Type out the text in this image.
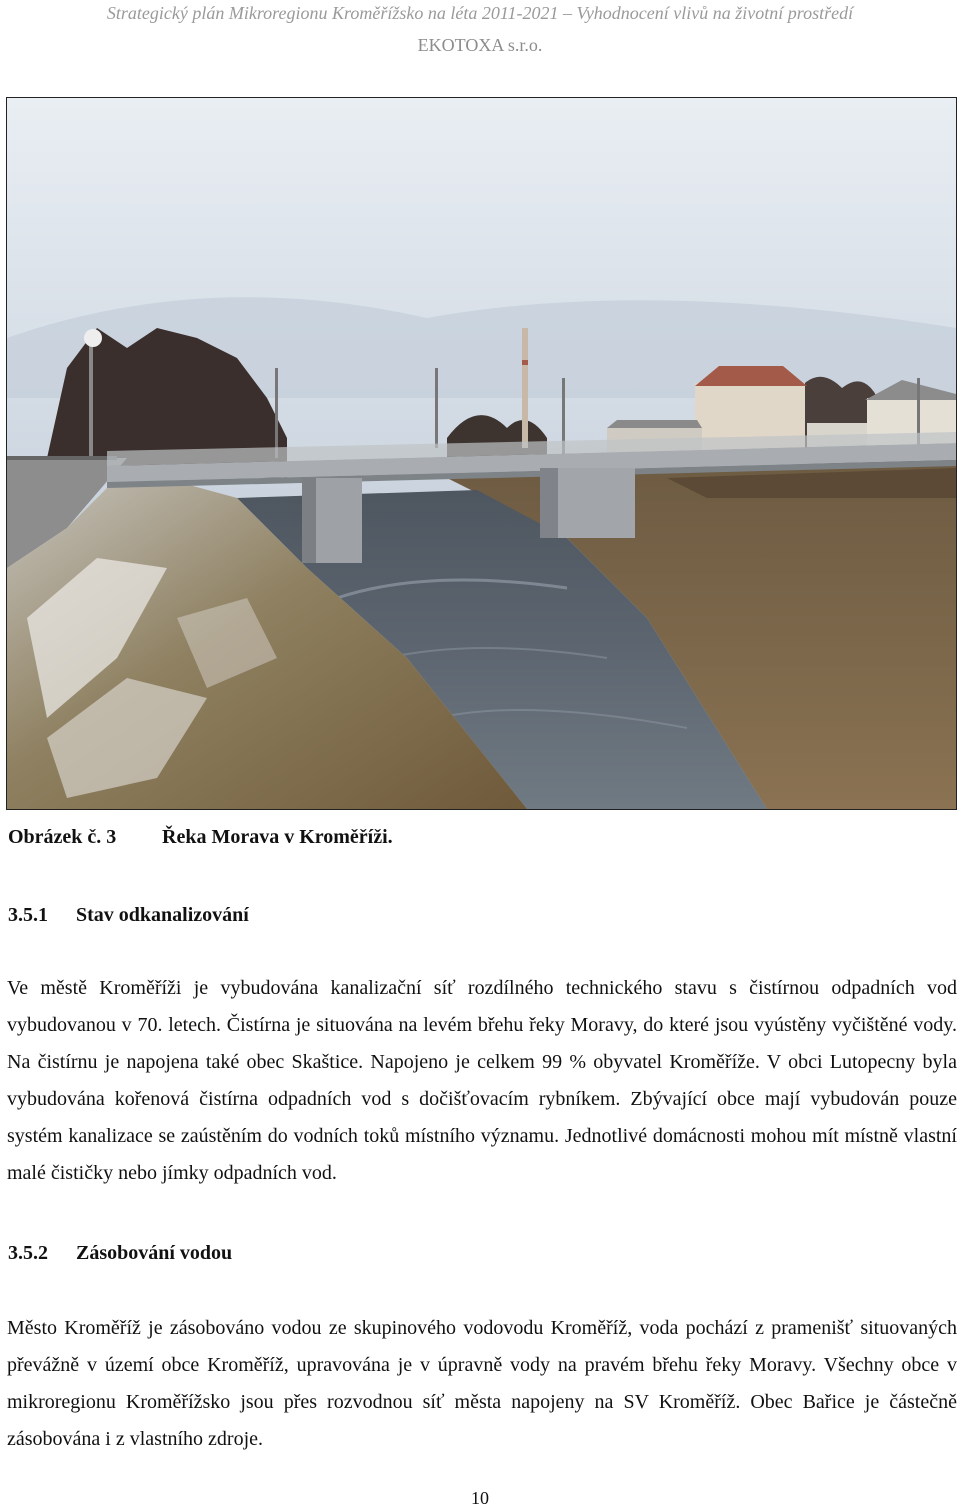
Strategický plán Mikroregionu Kroměřížsko na léta 2011-2021 – Vyhodnocení vlivů na životní prostředí
EKOTOXA s.r.o.
Obrázek č. 3 Řeka Morava v Kroměříži.
3.5.1 Stav odkanalizování

Ve městě Kroměříži je vybudována kanalizační síť rozdílného technického stavu s čistírnou odpadních vod vybudovanou v 70. letech. Čistírna je situována na levém břehu řeky Moravy, do které jsou vyústěny vyčištěné vody. Na čistírnu je napojena také obec Skaštice. Napojeno je celkem 99 % obyvatel Kroměříže. V obci Lutopecny byla vybudována kořenová čistírna odpadních vod s dočišťovacím rybníkem. Zbývající obce mají vybudován pouze systém kanalizace se zaústěním do vodních toků místního významu. Jednotlivé domácnosti mohou mít místně vlastní malé čističky nebo jímky odpadních vod.

3.5.2 Zásobování vodou

Město Kroměříž je zásobováno vodou ze skupinového vodovodu Kroměříž, voda pochází z pramenišť situovaných převážně v území obce Kroměříž, upravována je v úpravně vody na pravém břehu řeky Moravy. Všechny obce v mikroregionu Kroměřížsko jsou přes rozvodnou síť města napojeny na SV Kroměříž. Obec Bařice je částečně zásobována i z vlastního zdroje.

10
